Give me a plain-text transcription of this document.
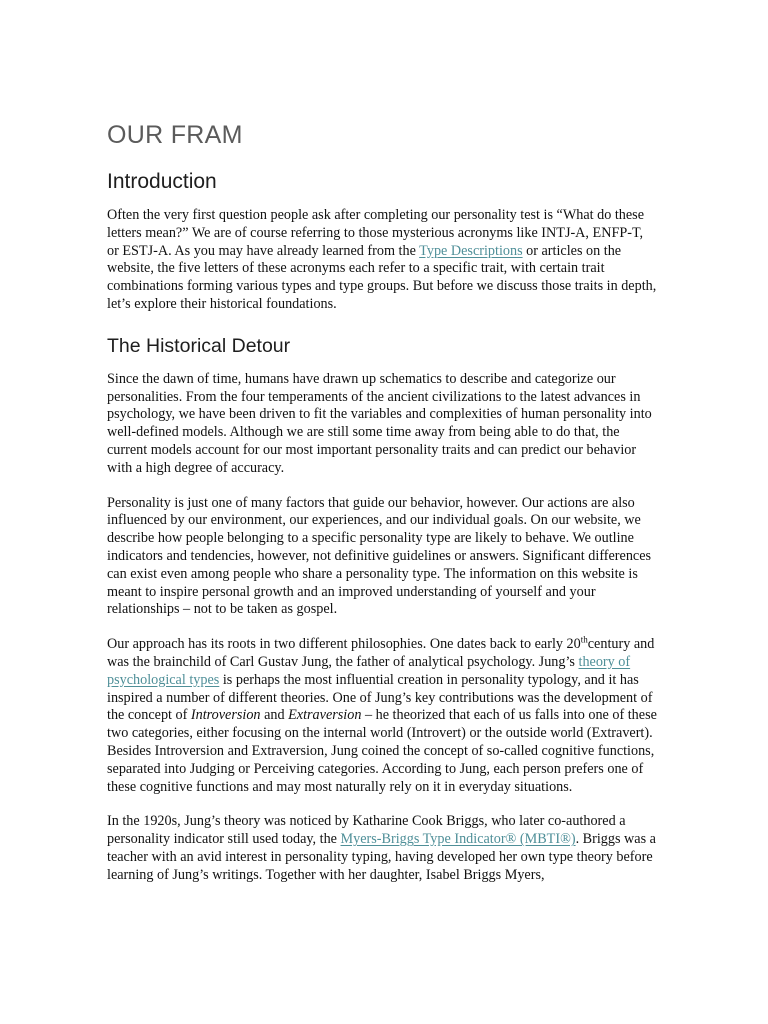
OUR FRAM
Introduction

Often the very first question people ask after completing our personality test is “What do these letters mean?” We are of course referring to those mysterious acronyms like INTJ-A, ENFP-T, or ESTJ-A. As you may have already learned from the Type Descriptions or articles on the website, the five letters of these acronyms each refer to a specific trait, with certain trait combinations forming various types and type groups. But before we discuss those traits in depth, let’s explore their historical foundations.

The Historical Detour

Since the dawn of time, humans have drawn up schematics to describe and categorize our personalities. From the four temperaments of the ancient civilizations to the latest advances in psychology, we have been driven to fit the variables and complexities of human personality into well-defined models. Although we are still some time away from being able to do that, the current models account for our most important personality traits and can predict our behavior with a high degree of accuracy.

Personality is just one of many factors that guide our behavior, however. Our actions are also influenced by our environment, our experiences, and our individual goals. On our website, we describe how people belonging to a specific personality type are likely to behave. We outline indicators and tendencies, however, not definitive guidelines or answers. Significant differences can exist even among people who share a personality type. The information on this website is meant to inspire personal growth and an improved understanding of yourself and your relationships – not to be taken as gospel.

Our approach has its roots in two different philosophies. One dates back to early 20thcentury and was the brainchild of Carl Gustav Jung, the father of analytical psychology. Jung’s theory of psychological types is perhaps the most influential creation in personality typology, and it has inspired a number of different theories. One of Jung’s key contributions was the development of the concept of Introversion and Extraversion – he theorized that each of us falls into one of these two categories, either focusing on the internal world (Introvert) or the outside world (Extravert). Besides Introversion and Extraversion, Jung coined the concept of so-called cognitive functions, separated into Judging or Perceiving categories. According to Jung, each person prefers one of these cognitive functions and may most naturally rely on it in everyday situations.

In the 1920s, Jung’s theory was noticed by Katharine Cook Briggs, who later co-authored a personality indicator still used today, the Myers-Briggs Type Indicator® (MBTI®). Briggs was a teacher with an avid interest in personality typing, having developed her own type theory before learning of Jung’s writings. Together with her daughter, Isabel Briggs Myers,
